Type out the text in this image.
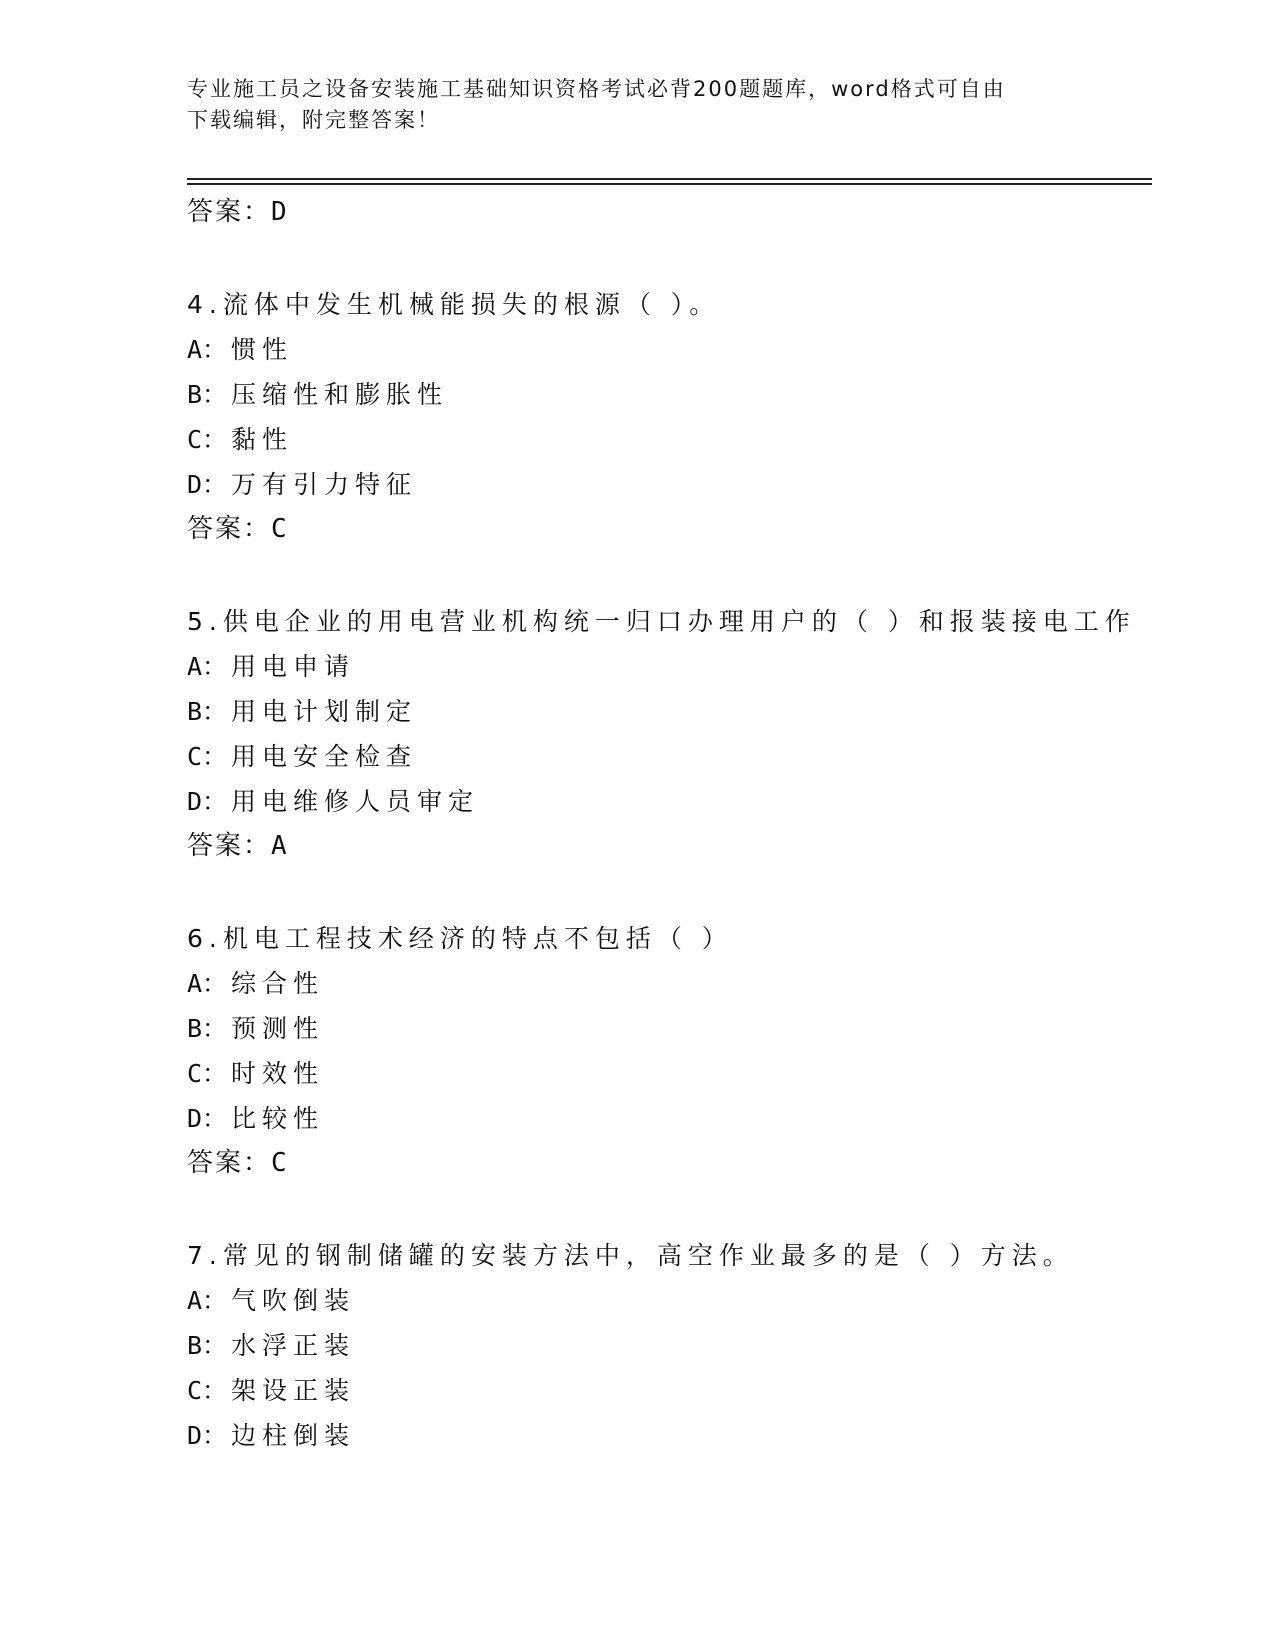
专业施工员之设备安装施工基础知识资格考试必背200题题库，word格式可自由
下载编辑，附完整答案！
答案：D
4.流体中发生机械能损失的根源（ ）。
A： 惯性
B： 压缩性和膨胀性
C： 黏性
D： 万有引力特征
答案：C
5.供电企业的用电营业机构统一归口办理用户的（ ）和报装接电工作
A： 用电申请
B： 用电计划制定
C： 用电安全检查
D： 用电维修人员审定
答案：A
6.机电工程技术经济的特点不包括（ ）
A： 综合性
B： 预测性
C： 时效性
D： 比较性
答案：C
7.常见的钢制储罐的安装方法中，高空作业最多的是（ ）方法。
A： 气吹倒装
B： 水浮正装
C： 架设正装
D： 边柱倒装
